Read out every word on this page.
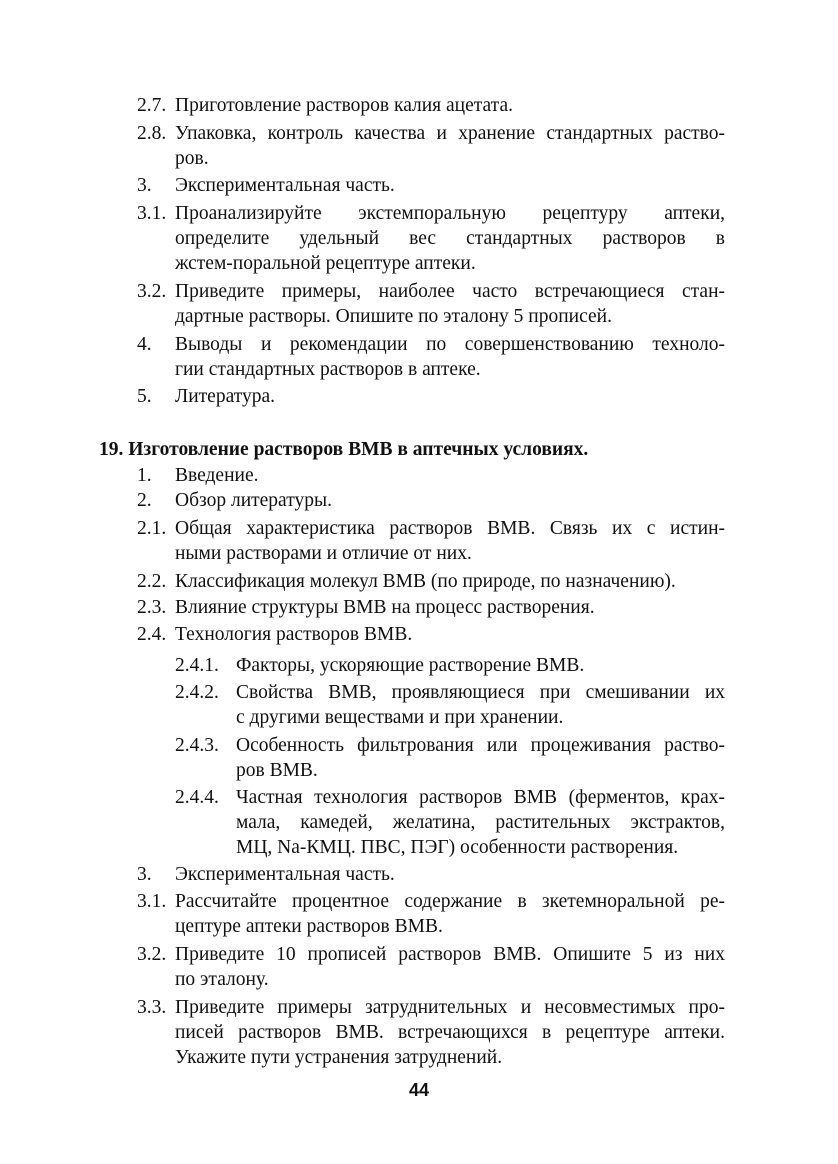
2.7. Приготовление растворов калия ацетата.
2.8. Упаковка, контроль качества и хранение стандартных раство-
ров.
3. Экспериментальная часть.
3.1. Проанализируйте экстемпоральную рецептуру аптеки,
определите удельный вес стандартных растворов в
жстем-поральной рецептуре аптеки.
3.2. Приведите примеры, наиболее часто встречающиеся стан-
дартные растворы. Опишите по эталону 5 прописей.
4. Выводы и рекомендации по совершенствованию техноло-
гии стандартных растворов в аптеке.
5. Литература.
19. Изготовление растворов ВМВ в аптечных условиях.
1. Введение.
2. Обзор литературы.
2.1. Общая характеристика растворов ВМВ. Связь их с истин-
ными растворами и отличие от них.
2.2. Классификация молекул ВМВ (по природе, по назначению).
2.3. Влияние структуры ВМВ на процесс растворения.
2.4. Технология растворов ВМВ.
2.4.1. Факторы, ускоряющие растворение ВМВ.
2.4.2. Свойства ВМВ, проявляющиеся при смешивании их
с другими веществами и при хранении.
2.4.3. Особенность фильтрования или процеживания раство-
ров ВМВ.
2.4.4. Частная технология растворов ВМВ (ферментов, крах-
мала, камедей, желатина, растительных экстрактов,
МЦ, Na-КМЦ. ПВС, ПЭГ) особенности растворения.
3. Экспериментальная часть.
3.1. Рассчитайте процентное содержание в зкетемноральной ре-
цептуре аптеки растворов ВМВ.
3.2. Приведите 10 прописей растворов ВМВ. Опишите 5 из них
по эталону.
3.3. Приведите примеры затруднительных и несовместимых про-
писей растворов ВМВ. встречающихся в рецептуре аптеки.
Укажите пути устранения затруднений.
44
